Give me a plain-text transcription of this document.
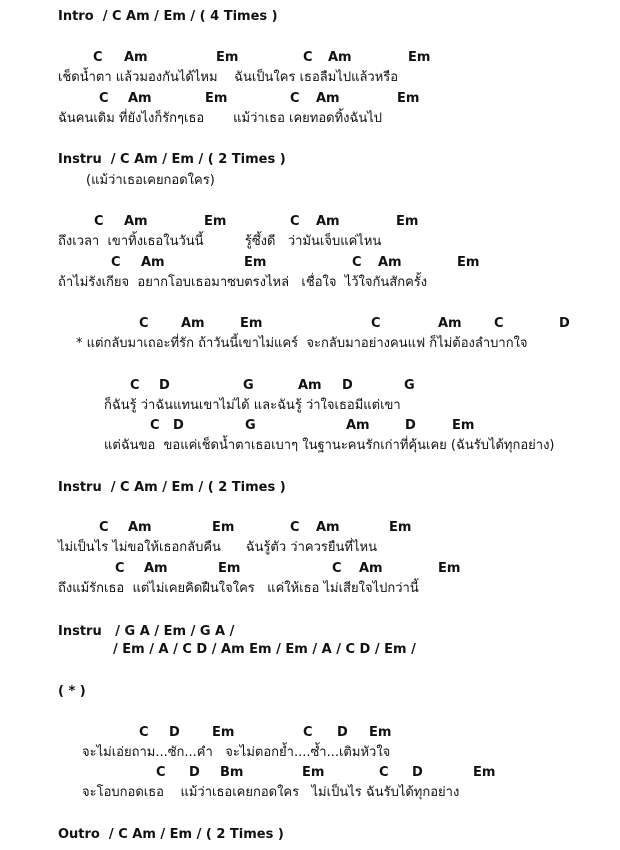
Intro  / C Am / Em / ( 4 Times )
Instru  / C Am / Em / ( 2 Times )
(แม้ว่าเธอเคยกอดใคร)
Instru  / C Am / Em / ( 2 Times )
Instru   / G A / Em / G A /
/ Em / A / C D / Am Em / Em / A / C D / Em /
( * )
Outro  / C Am / Em / ( 2 Times )
C Am	Em	C Am	Em
เช็ดน้ำตา แล้วมองกันได้ไหม    ฉันเป็นใคร เธอลืมไปแล้วหรือ
C Am	Em	C Am	Em
ฉันคนเดิม ที่ยังไงก็รักๆเธอ       แม้ว่าเธอ เคยทอดทิ้งฉันไป
C Am	Em	C Am	Em
ถึงเวลา  เขาทิ้งเธอในวันนี้          รู้ซึ้งดี   ว่ามันเจ็บแค่ไหน
C Am	Em	C Am	Em
ถ้าไม่รังเกียจ  อยากโอบเธอมาซบตรงไหล่   เชื่อใจ  ไว้ใจกันสักครั้ง
C Am	Em	C	Am C	D
* แต่กลับมาเถอะที่รัก ถ้าวันนี้เขาไม่แคร์  จะกลับมาอย่างคนแฟ ก็ไม่ต้องลำบากใจ
C D	G	Am D	G
ก็ฉันรู้ ว่าฉันแทนเขาไม่ได้ และฉันรู้ ว่าใจเธอมีแต่เขา
C D	G	Am	D	Em
แต่ฉันขอ  ขอแค่เช็ดน้ำตาเธอเบาๆ ในฐานะคนรักเก่าที่คุ้นเคย (ฉันรับได้ทุกอย่าง)
C Am	Em	C Am	Em
ไม่เป็นไร ไม่ขอให้เธอกลับคืน      ฉันรู้ตัว ว่าควรยืนที่ไหน
C Am	Em	C Am	Em
ถึงแม้รักเธอ  แต่ไม่เคยคิดฝืนใจใคร   แค่ให้เธอ ไม่เสียใจไปกว่านี้
C D Em	C D Em
จะไม่เอ่ยถาม...ซัก...คำ   จะไม่ตอกย้ำ....ซ้ำ...เติมหัวใจ
C D Bm	Em	C D	Em
จะโอบกอดเธอ    แม้ว่าเธอเคยกอดใคร   ไม่เป็นไร ฉันรับได้ทุกอย่าง
